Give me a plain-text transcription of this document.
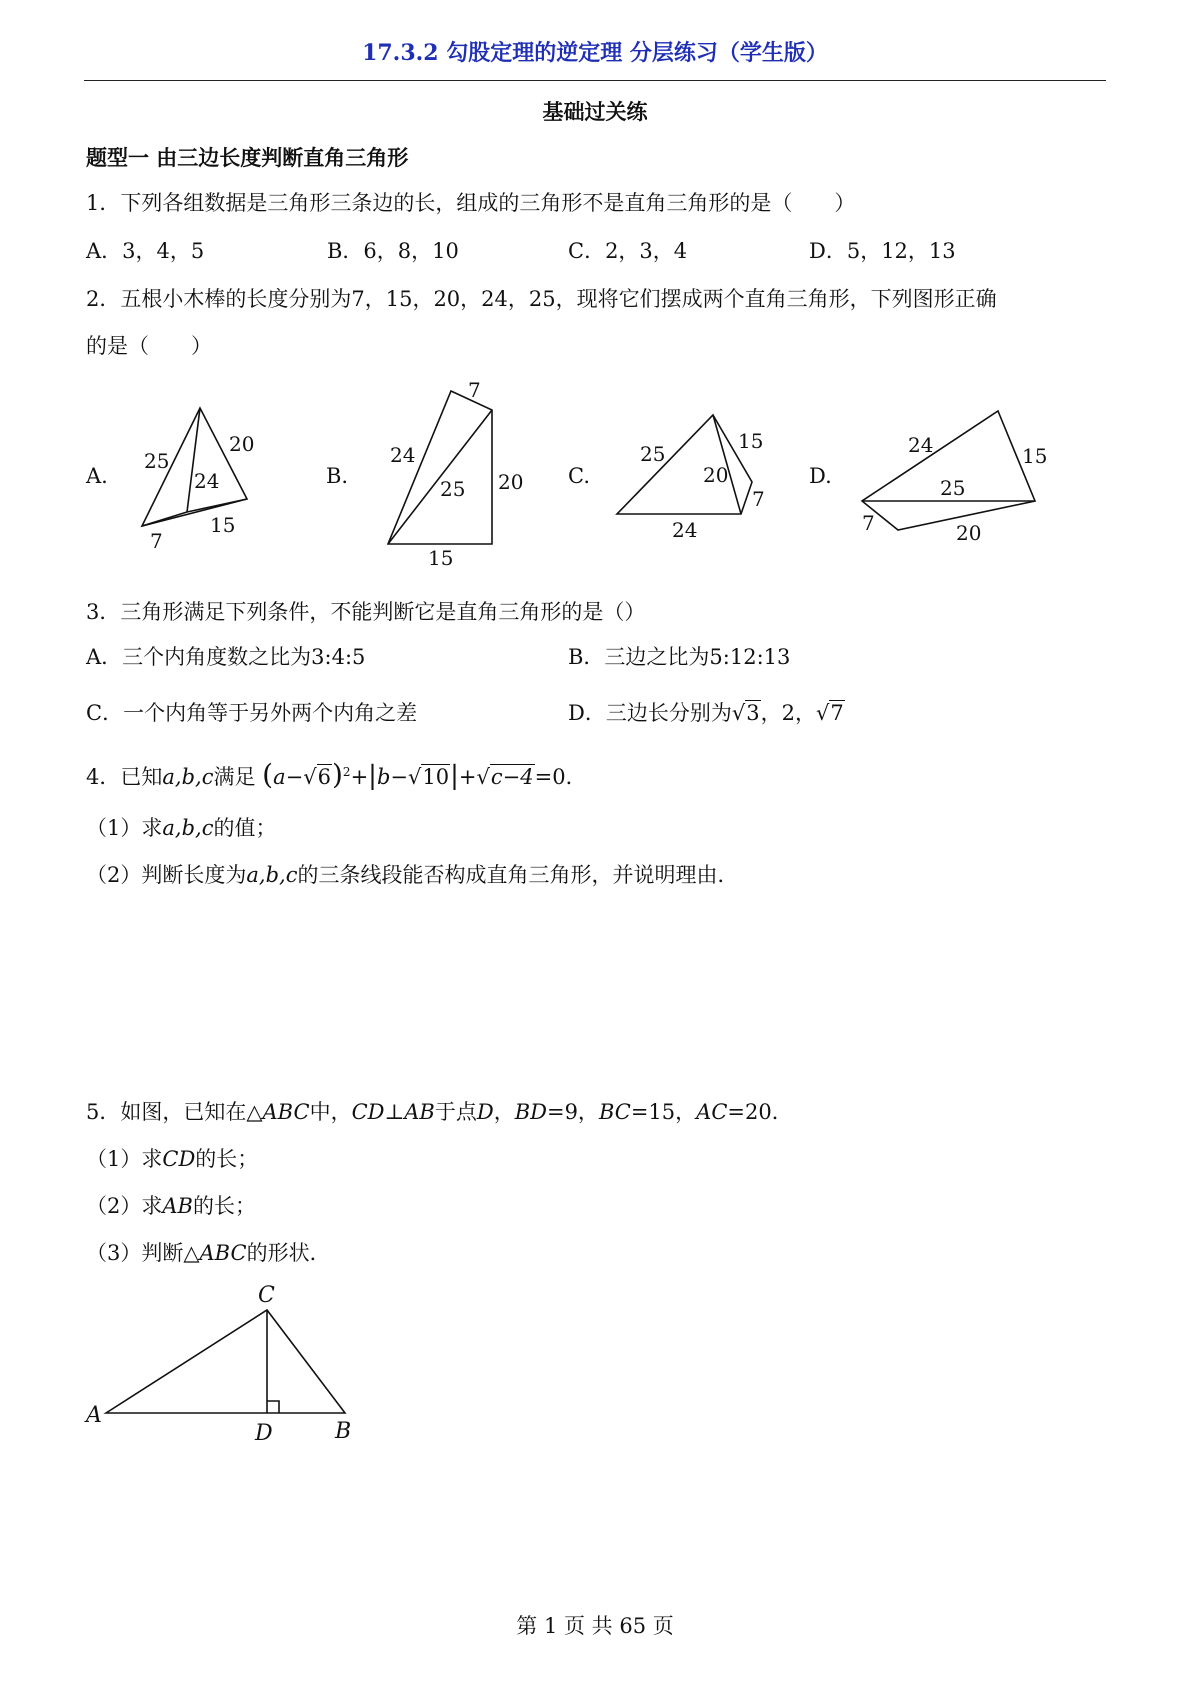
17.3.2 勾股定理的逆定理 分层练习（学生版）
基础过关练
题型一 由三边长度判断直角三角形
1．下列各组数据是三角形三条边的长，组成的三角形不是直角三角形的是（　　）
A．3，4，5	B．6，8，10	C．2，3，4	D．5，12，13
2．五根小木棒的长度分别为7，15，20，24，25，现将它们摆成两个直角三角形，下列图形正确
的是（　　）
A.	B.	C.	D.
25
20
24
7
15
7
24
25 20
15
25
15
20
7
24
24	15
25
7	20
3．三角形满足下列条件，不能判断它是直角三角形的是（）
A．三个内角度数之比为3:4:5	B．三边之比为5:12:13
C．一个内角等于另外两个内角之差	D．三边长分别为√3，2，√7
4．已知a,b,c满足 $(a-√6)^2+|b-√10|+√c-4=0$．
（1）求a,b,c的值；
（2）判断长度为a,b,c的三条线段能否构成直角三角形，并说明理由．
5．如图，已知在△ABC中，CD⊥AB于点D，BD=9，BC=15，AC=20．
（1）求CD的长；
（2）求AB的长；
（3）判断△ABC的形状．
A
B
C
D
第 1 页 共 65 页
